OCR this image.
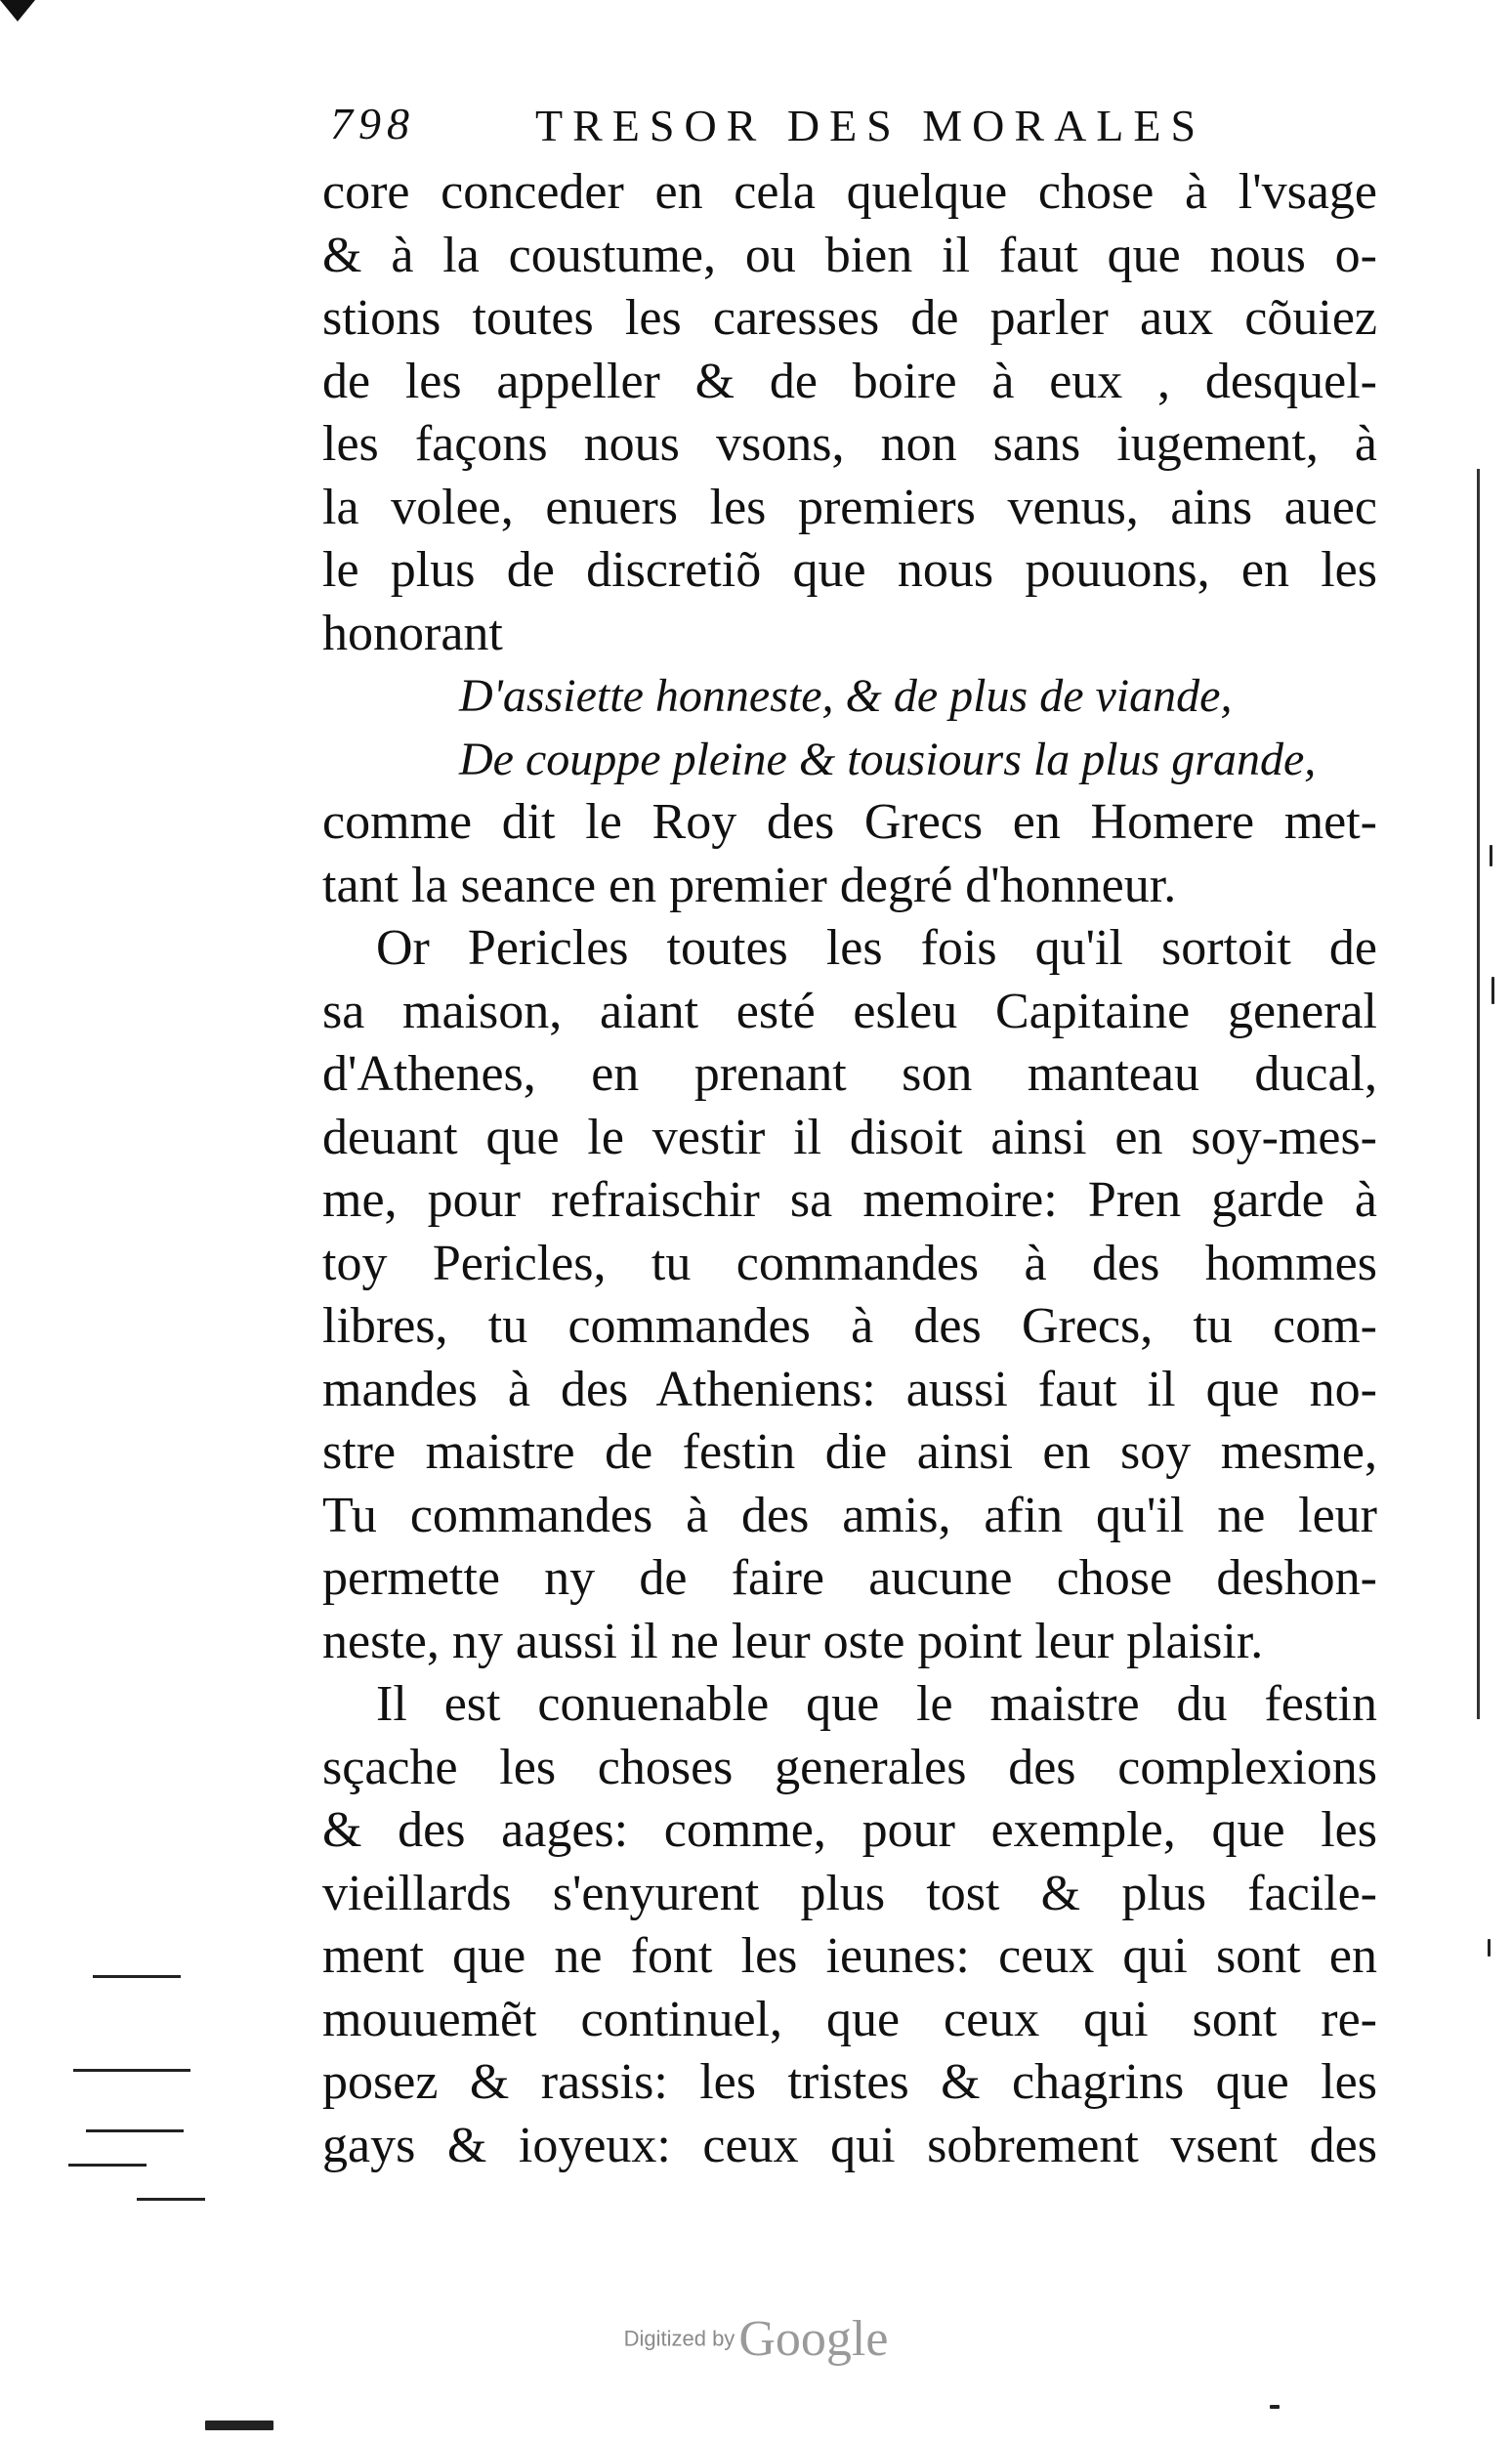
798	TRESOR DES MORALES
core conceder en cela quelque chose à l'vsage
& à la coustume, ou bien il faut que nous o-
stions toutes les caresses de parler aux cõuiez
de les appeller & de boire à eux , desquel-
les façons nous vsons, non sans iugement, à
la volee, enuers les premiers venus, ains auec
le plus de discretiõ que nous pouuons, en les
honorant
D'assiette honneste, & de plus de viande,
De couppe pleine & tousiours la plus grande,
comme dit le Roy des Grecs en Homere met-
tant la seance en premier degré d'honneur.
Or Pericles toutes les fois qu'il sortoit de
sa maison, aiant esté esleu Capitaine general
d'Athenes, en prenant son manteau ducal,
deuant que le vestir il disoit ainsi en soy-mes-
me, pour refraischir sa memoire: Pren garde à
toy Pericles, tu commandes à des hommes
libres, tu commandes à des Grecs, tu com-
mandes à des Atheniens: aussi faut il que no-
stre maistre de festin die ainsi en soy mesme,
Tu commandes à des amis, afin qu'il ne leur
permette ny de faire aucune chose deshon-
neste, ny aussi il ne leur oste point leur plaisir.
Il est conuenable que le maistre du festin
sçache les choses generales des complexions
& des aages: comme, pour exemple, que les
vieillards s'enyurent plus tost & plus facile-
ment que ne font les ieunes: ceux qui sont en
mouuemẽt continuel, que ceux qui sont re-
posez & rassis: les tristes & chagrins que les
gays & ioyeux: ceux qui sobrement vsent des
Digitized by Google
